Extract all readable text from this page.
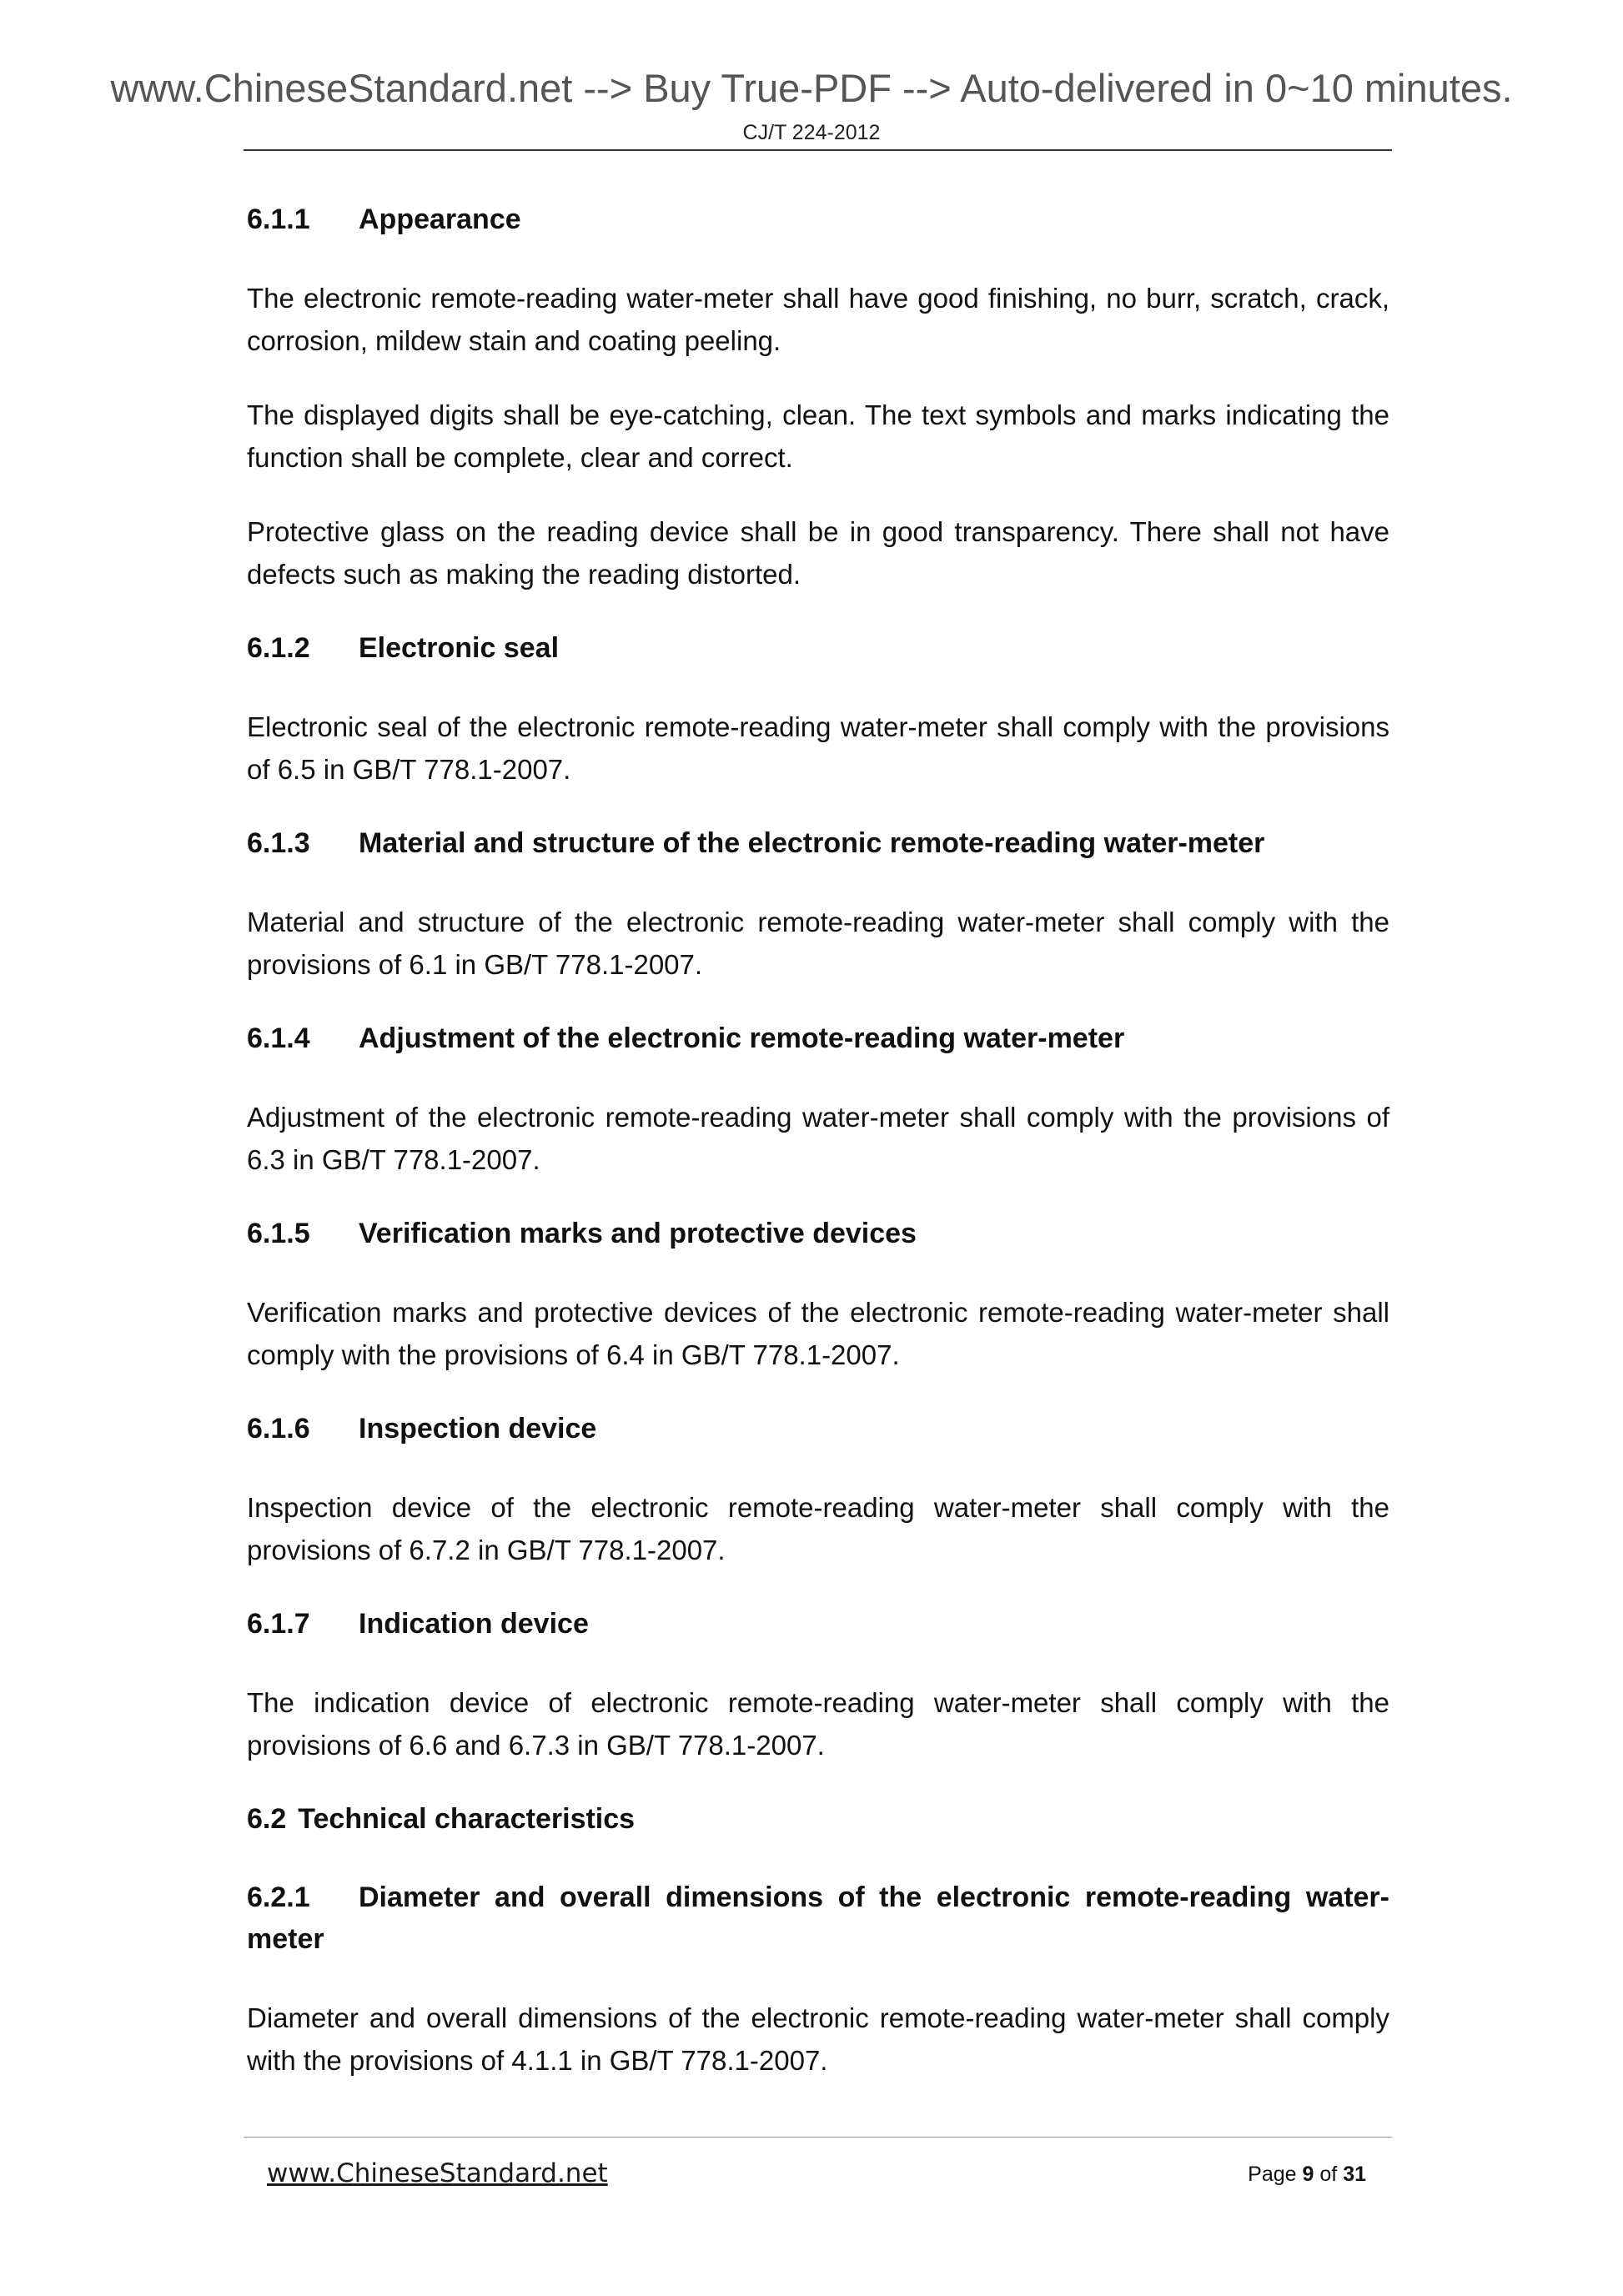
www.ChineseStandard.net --> Buy True-PDF --> Auto-delivered in 0~10 minutes.
CJ/T 224-2012
6.1.1 Appearance

The electronic remote-reading water-meter shall have good finishing, no burr, scratch, crack, corrosion, mildew stain and coating peeling.

The displayed digits shall be eye-catching, clean. The text symbols and marks indicating the function shall be complete, clear and correct.

Protective glass on the reading device shall be in good transparency. There shall not have defects such as making the reading distorted.

6.1.2 Electronic seal

Electronic seal of the electronic remote-reading water-meter shall comply with the provisions of 6.5 in GB/T 778.1-2007.

6.1.3 Material and structure of the electronic remote-reading water-meter

Material and structure of the electronic remote-reading water-meter shall comply with the provisions of 6.1 in GB/T 778.1-2007.

6.1.4 Adjustment of the electronic remote-reading water-meter

Adjustment of the electronic remote-reading water-meter shall comply with the provisions of 6.3 in GB/T 778.1-2007.

6.1.5 Verification marks and protective devices

Verification marks and protective devices of the electronic remote-reading water-meter shall comply with the provisions of 6.4 in GB/T 778.1-2007.

6.1.6 Inspection device

Inspection device of the electronic remote-reading water-meter shall comply with the provisions of 6.7.2 in GB/T 778.1-2007.

6.1.7 Indication device

The indication device of electronic remote-reading water-meter shall comply with the provisions of 6.6 and 6.7.3 in GB/T 778.1-2007.

6.2 Technical characteristics
6.2.1 Diameter and overall dimensions of the electronic remote-reading water-meter

Diameter and overall dimensions of the electronic remote-reading water-meter shall comply with the provisions of 4.1.1 in GB/T 778.1-2007.

www.ChineseStandard.net	Page 9 of 31
